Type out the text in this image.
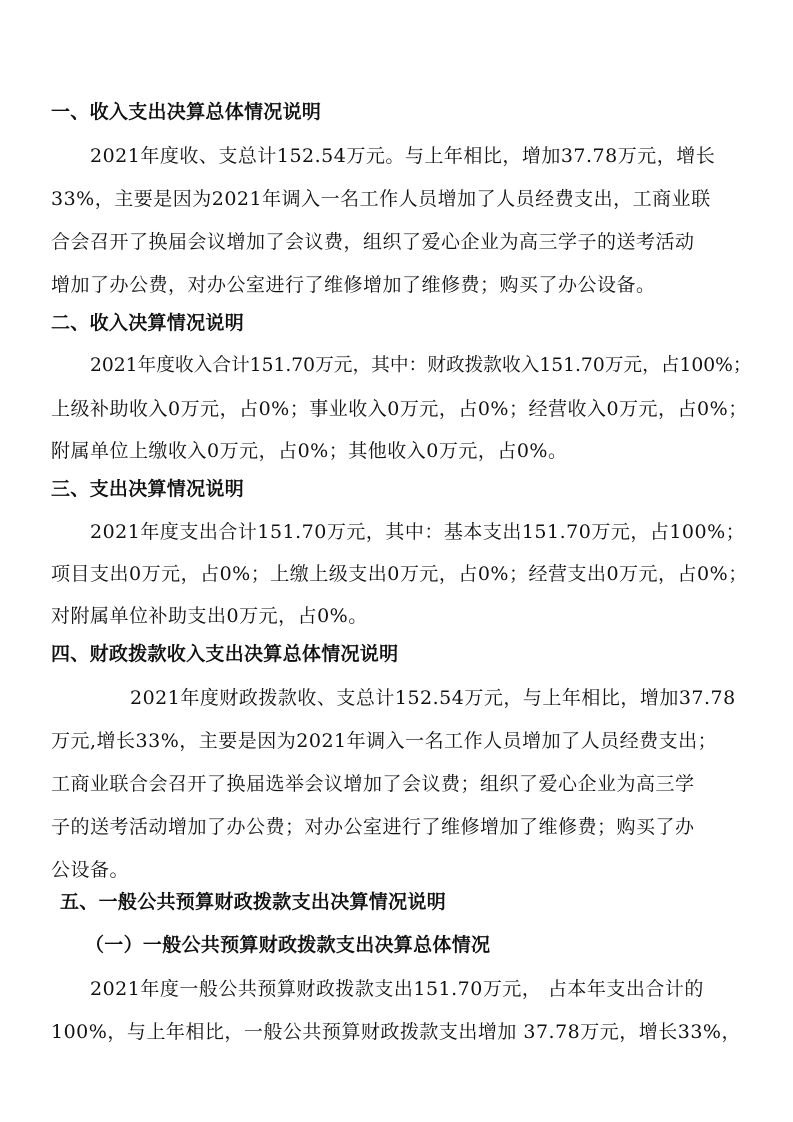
一、收入支出决算总体情况说明
2021年度收、支总计152.54万元。与上年相比，增加37.78万元，增长
33%，主要是因为2021年调入一名工作人员增加了人员经费支出，工商业联
合会召开了换届会议增加了会议费，组织了爱心企业为高三学子的送考活动
增加了办公费，对办公室进行了维修增加了维修费；购买了办公设备。
二、收入决算情况说明
2021年度收入合计151.70万元，其中：财政拨款收入151.70万元，占100%；
上级补助收入0万元，占0%；事业收入0万元，占0%；经营收入0万元，占0%；
附属单位上缴收入0万元，占0%；其他收入0万元，占0%。
三、支出决算情况说明
2021年度支出合计151.70万元，其中：基本支出151.70万元，占100%；
项目支出0万元，占0%；上缴上级支出0万元，占0%；经营支出0万元，占0%；
对附属单位补助支出0万元，占0%。
四、财政拨款收入支出决算总体情况说明
2021年度财政拨款收、支总计152.54万元，与上年相比，增加37.78
万元,增长33%，主要是因为2021年调入一名工作人员增加了人员经费支出；
工商业联合会召开了换届选举会议增加了会议费；组织了爱心企业为高三学
子的送考活动增加了办公费；对办公室进行了维修增加了维修费；购买了办
公设备。
五、一般公共预算财政拨款支出决算情况说明
（一）一般公共预算财政拨款支出决算总体情况
2021年度一般公共预算财政拨款支出151.70万元， 占本年支出合计的
100%，与上年相比，一般公共预算财政拨款支出增加 37.78万元，增长33%，
